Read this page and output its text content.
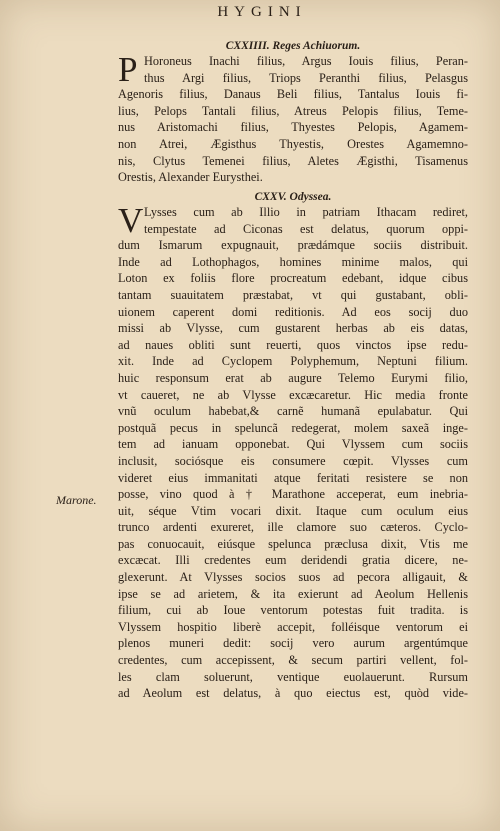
HYGINI
CXXIIII. Reges Achiuorum.
P Horoneus Inachi filius, Argus Iouis filius, Peran-
thus Argi filius, Triops Peranthi filius, Pelasgus
Agenoris filius, Danaus Beli filius, Tantalus Iouis fi-
lius, Pelops Tantali filius, Atreus Pelopis filius, Teme-
nus Aristomachi filius, Thyestes Pelopis, Agamem-
non Atrei, Ægisthus Thyestis, Orestes Agamemno-
nis, Clytus Temenei filius, Aletes Ægisthi, Tisamenus
Orestis, Alexander Eurysthei.
CXXV. Odyssea.
V Lysses cum ab Illio in patriam Ithacam rediret,
tempestate ad Ciconas est delatus, quorum oppi-
dum Ismarum expugnauit, prædámque sociis distribuit.
Inde ad Lothophagos, homines minime malos, qui
Loton ex foliis flore procreatum edebant, idque cibus
tantam suauitatem præstabat, vt qui gustabant, obli-
uionem caperent domi reditionis. Ad eos socij duo
missi ab Vlysse, cum gustarent herbas ab eis datas,
ad naues obliti sunt reuerti, quos vinctos ipse redu-
xit. Inde ad Cyclopem Polyphemum, Neptuni filium.
huic responsum erat ab augure Telemo Eurymi filio,
vt caueret, ne ab Vlysse excæcaretur. Hic media fronte
vnũ oculum habebat,& carnẽ humanã epulabatur. Qui
postquã pecus in speluncã redegerat, molem saxeã inge-
tem ad ianuam opponebat. Qui Vlyssem cum sociis
inclusit, sociósque eis consumere cœpit. Vlysses cum
videret eius immanitati atque feritati resistere se non
posse, vino quod à † Marathone acceperat, eum inebria-
uit, séque Vtim vocari dixit. Itaque cum oculum eius
trunco ardenti exureret, ille clamore suo cæteros. Cyclo-
pas conuocauit, eiúsque spelunca præclusa dixit, Vtis me
excæcat. Illi credentes eum deridendi gratia dicere, ne-
glexerunt. At Vlysses socios suos ad pecora alligauit, &
ipse se ad arietem, & ita exierunt ad Aeolum Hellenis
filium, cui ab Ioue ventorum potestas fuit tradita. is
Vlyssem hospitio liberè accepit, folléisque ventorum ei
plenos muneri dedit: socij vero aurum argentúmque
credentes, cum accepissent, & secum partiri vellent, fol-
les clam soluerunt, ventique euolauerunt. Rursum
ad Aeolum est delatus, à quo eiectus est, quòd vide-
Marone.
